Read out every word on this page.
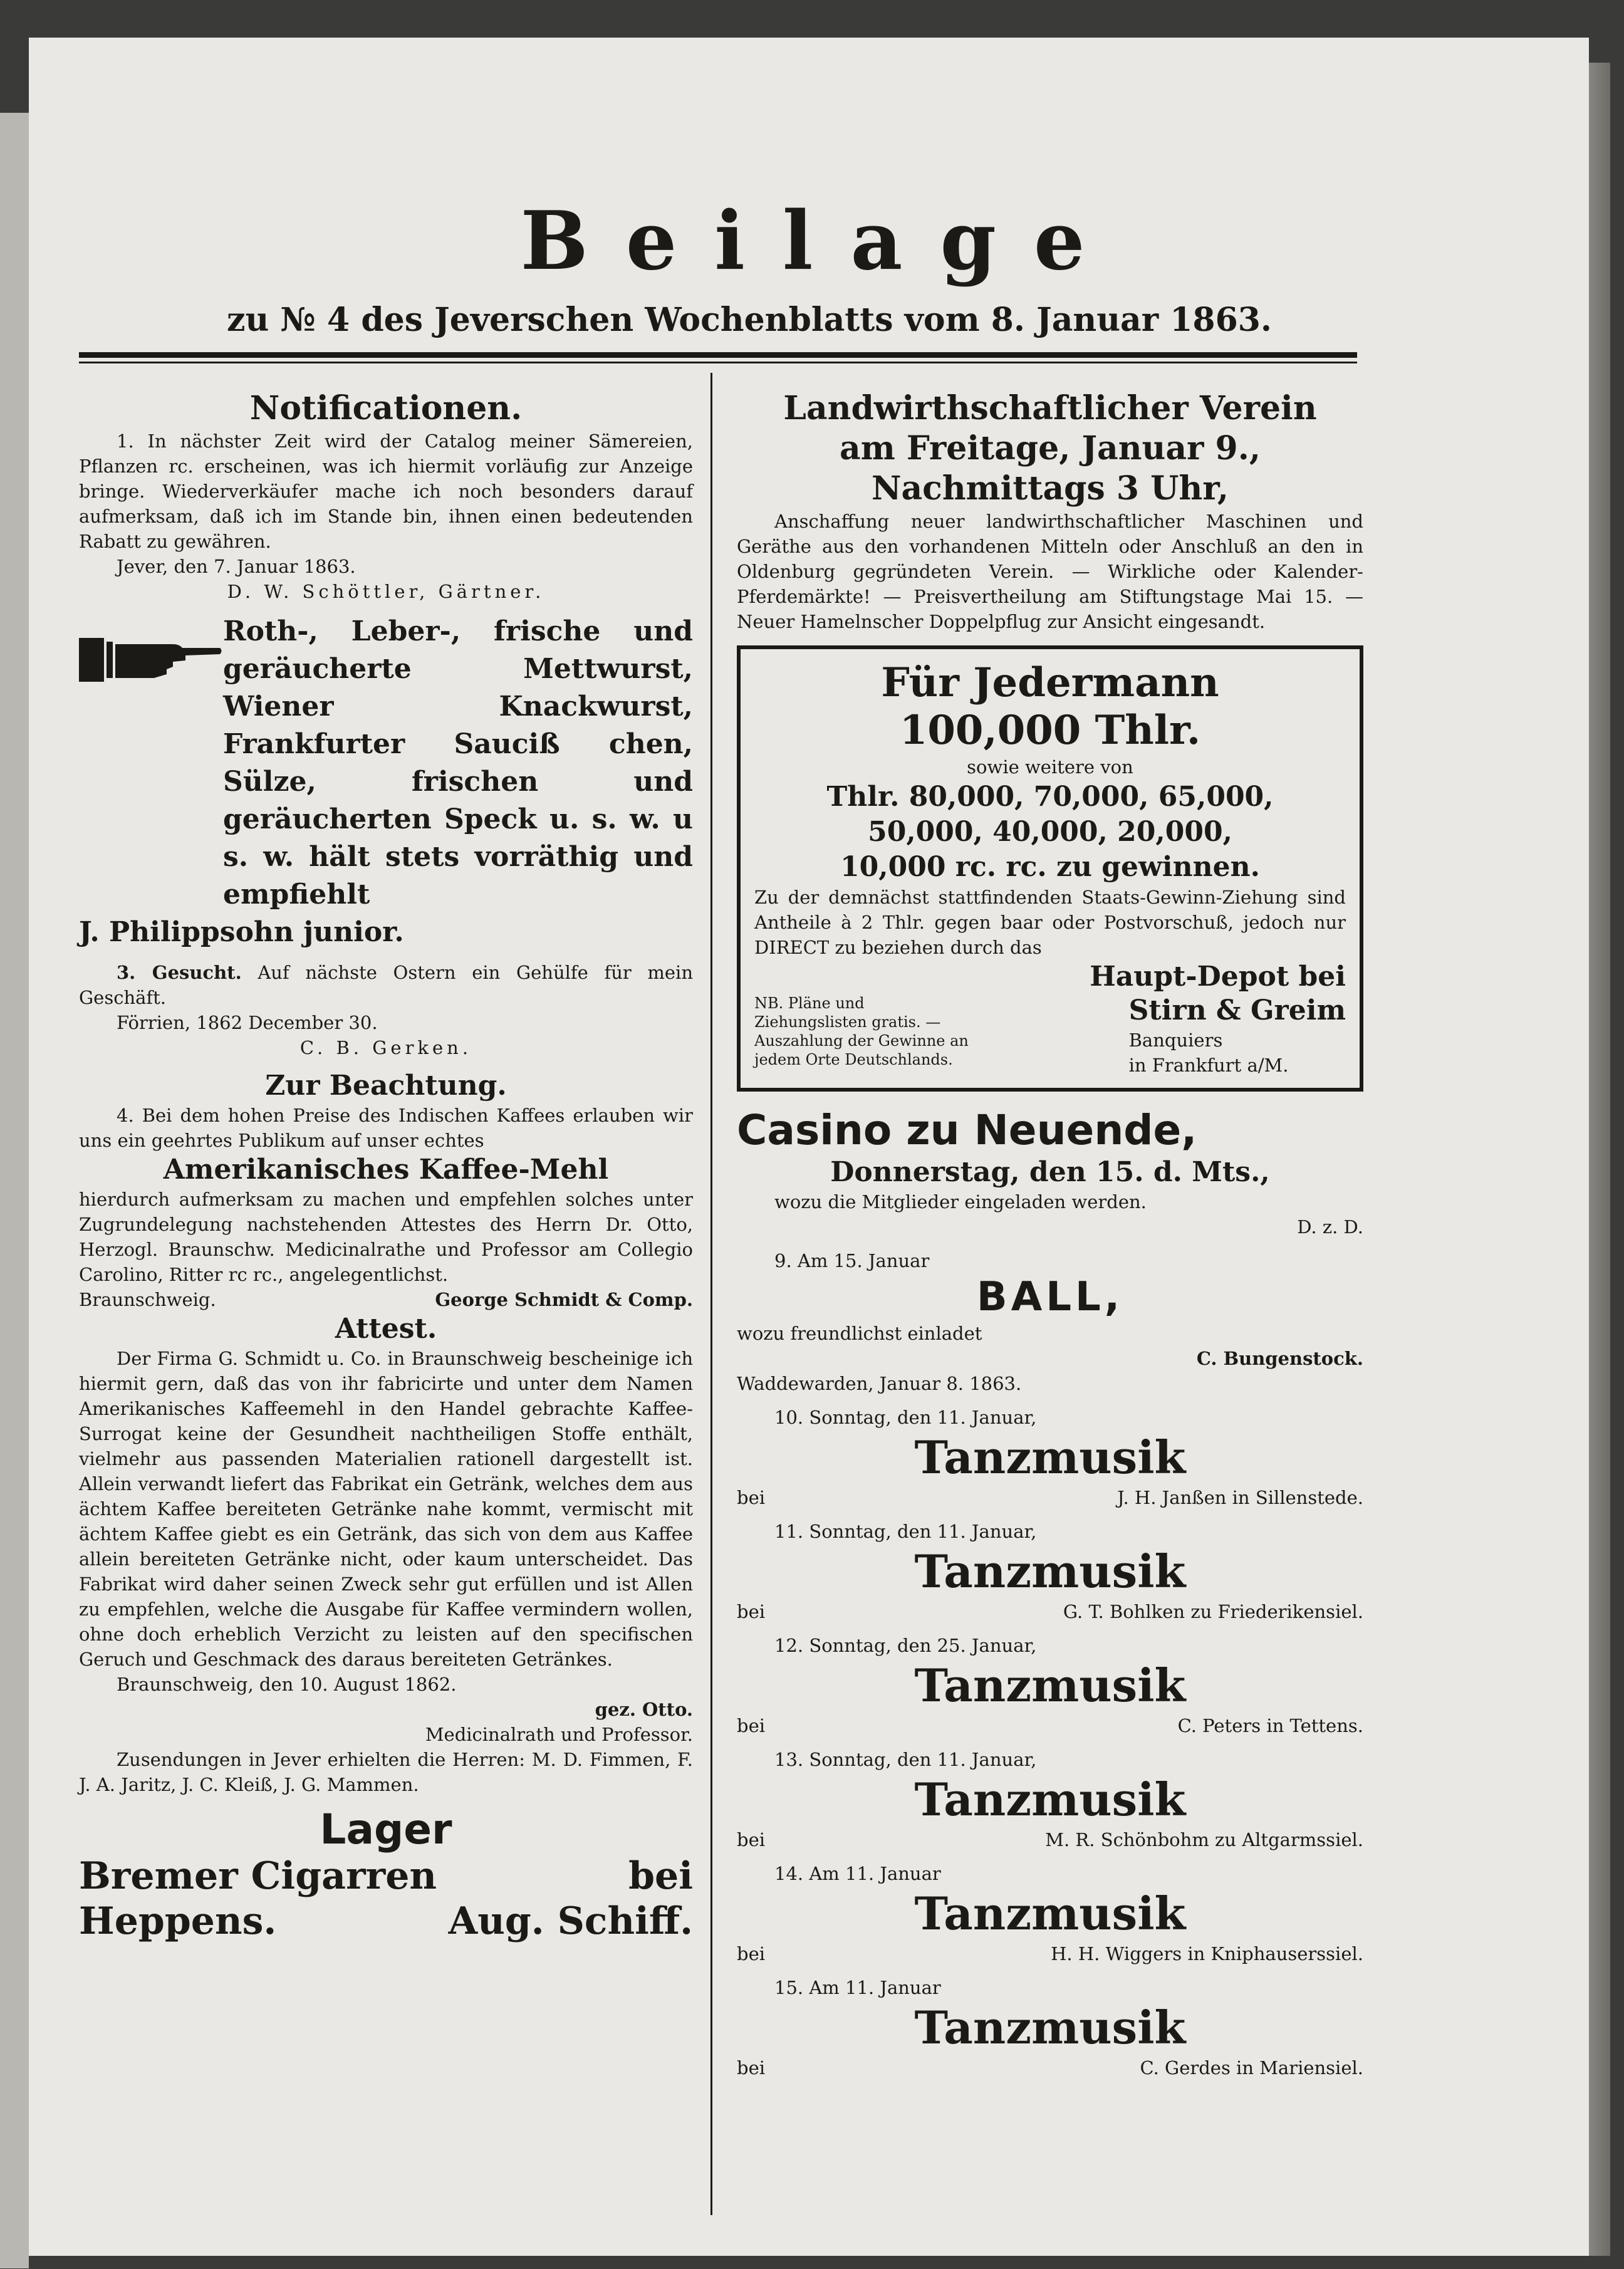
Beilage
zu № 4 des Jeverschen Wochenblatts vom 8. Januar 1863.

Notificationen.

1. In nächster Zeit wird der Catalog meiner Sämereien, Pflanzen rc. erscheinen, was ich hiermit vorläufig zur Anzeige bringe. Wiederverkäufer mache ich noch besonders darauf aufmerksam, daß ich im Stande bin, ihnen einen bedeutenden Rabatt zu gewähren.

Jever, den 7. Januar 1863.

D. W. Schöttler, Gärtner.

Roth-, Leber-, frische und geräucherte Mettwurst, Wiener Knackwurst, Frankfurter Sauciß chen, Sülze, frischen und geräucherten Speck u. s. w. u s. w. hält stets vorräthig und empfiehlt

J. Philippsohn junior.

3. Gesucht. Auf nächste Ostern ein Gehülfe für mein Geschäft.

Förrien, 1862 December 30.

C. B. Gerken.

Zur Beachtung.

4. Bei dem hohen Preise des Indischen Kaffees erlauben wir uns ein geehrtes Publikum auf unser echtes

Amerikanisches Kaffee-Mehl

hierdurch aufmerksam zu machen und empfehlen solches unter Zugrundelegung nachstehenden Attestes des Herrn Dr. Otto, Herzogl. Braunschw. Medicinalrathe und Professor am Collegio Carolino, Ritter rc rc., angelegentlichst.

Braunschweig.	George Schmidt & Comp.

Attest.

Der Firma G. Schmidt u. Co. in Braunschweig bescheinige ich hiermit gern, daß das von ihr fabricirte und unter dem Namen Amerikanisches Kaffeemehl in den Handel gebrachte Kaffee-Surrogat keine der Gesundheit nachtheiligen Stoffe enthält, vielmehr aus passenden Materialien rationell dargestellt ist. Allein verwandt liefert das Fabrikat ein Getränk, welches dem aus ächtem Kaffee bereiteten Getränke nahe kommt, vermischt mit ächtem Kaffee giebt es ein Getränk, das sich von dem aus Kaffee allein bereiteten Getränke nicht, oder kaum unterscheidet. Das Fabrikat wird daher seinen Zweck sehr gut erfüllen und ist Allen zu empfehlen, welche die Ausgabe für Kaffee vermindern wollen, ohne doch erheblich Verzicht zu leisten auf den specifischen Geruch und Geschmack des daraus bereiteten Getränkes.

Braunschweig, den 10. August 1862.

gez. Otto.

Medicinalrath und Professor.

Zusendungen in Jever erhielten die Herren: M. D. Fimmen, F. J. A. Jaritz, J. C. Kleiß, J. G. Mammen.

Lager

Bremer Cigarren	bei
Heppens.	Aug. Schiff.

Landwirthschaftlicher Verein

am Freitage, Januar 9.,

Nachmittags 3 Uhr,

Anschaffung neuer landwirthschaftlicher Maschinen und Geräthe aus den vorhandenen Mitteln oder Anschluß an den in Oldenburg gegründeten Verein. — Wirkliche oder Kalender-Pferdemärkte! — Preisvertheilung am Stiftungstage Mai 15. — Neuer Hamelnscher Doppelpflug zur Ansicht eingesandt.

Für Jedermann

100,000 Thlr.

sowie weitere von

Thlr. 80,000, 70,000, 65,000,

50,000, 40,000, 20,000,

10,000 rc. rc. zu gewinnen.

Zu der demnächst stattfindenden Staats-Gewinn-Ziehung sind Antheile à 2 Thlr. gegen baar oder Postvorschuß, jedoch nur DIRECT zu beziehen durch das

Haupt-Depot bei

NB. Pläne und Ziehungslisten gratis. — Auszahlung der Gewinne an jedem Orte Deutschlands.

Stirn & Greim

Banquiers

in Frankfurt a/M.

Casino zu Neuende,

Donnerstag, den 15. d. Mts.,

wozu die Mitglieder eingeladen werden.

D. z. D.

9. Am 15. Januar

BALL,

wozu freundlichst einladet

C. Bungenstock.

Waddewarden, Januar 8. 1863.

10. Sonntag, den 11. Januar,

Tanzmusik

bei	J. H. Janßen in Sillenstede.

11. Sonntag, den 11. Januar,

Tanzmusik

bei	G. T. Bohlken zu Friederikensiel.

12. Sonntag, den 25. Januar,

Tanzmusik

bei	C. Peters in Tettens.

13. Sonntag, den 11. Januar,

Tanzmusik

bei	M. R. Schönbohm zu Altgarmssiel.

14. Am 11. Januar

Tanzmusik

bei	H. H. Wiggers in Kniphauserssiel.

15. Am 11. Januar

Tanzmusik

bei	C. Gerdes in Mariensiel.
